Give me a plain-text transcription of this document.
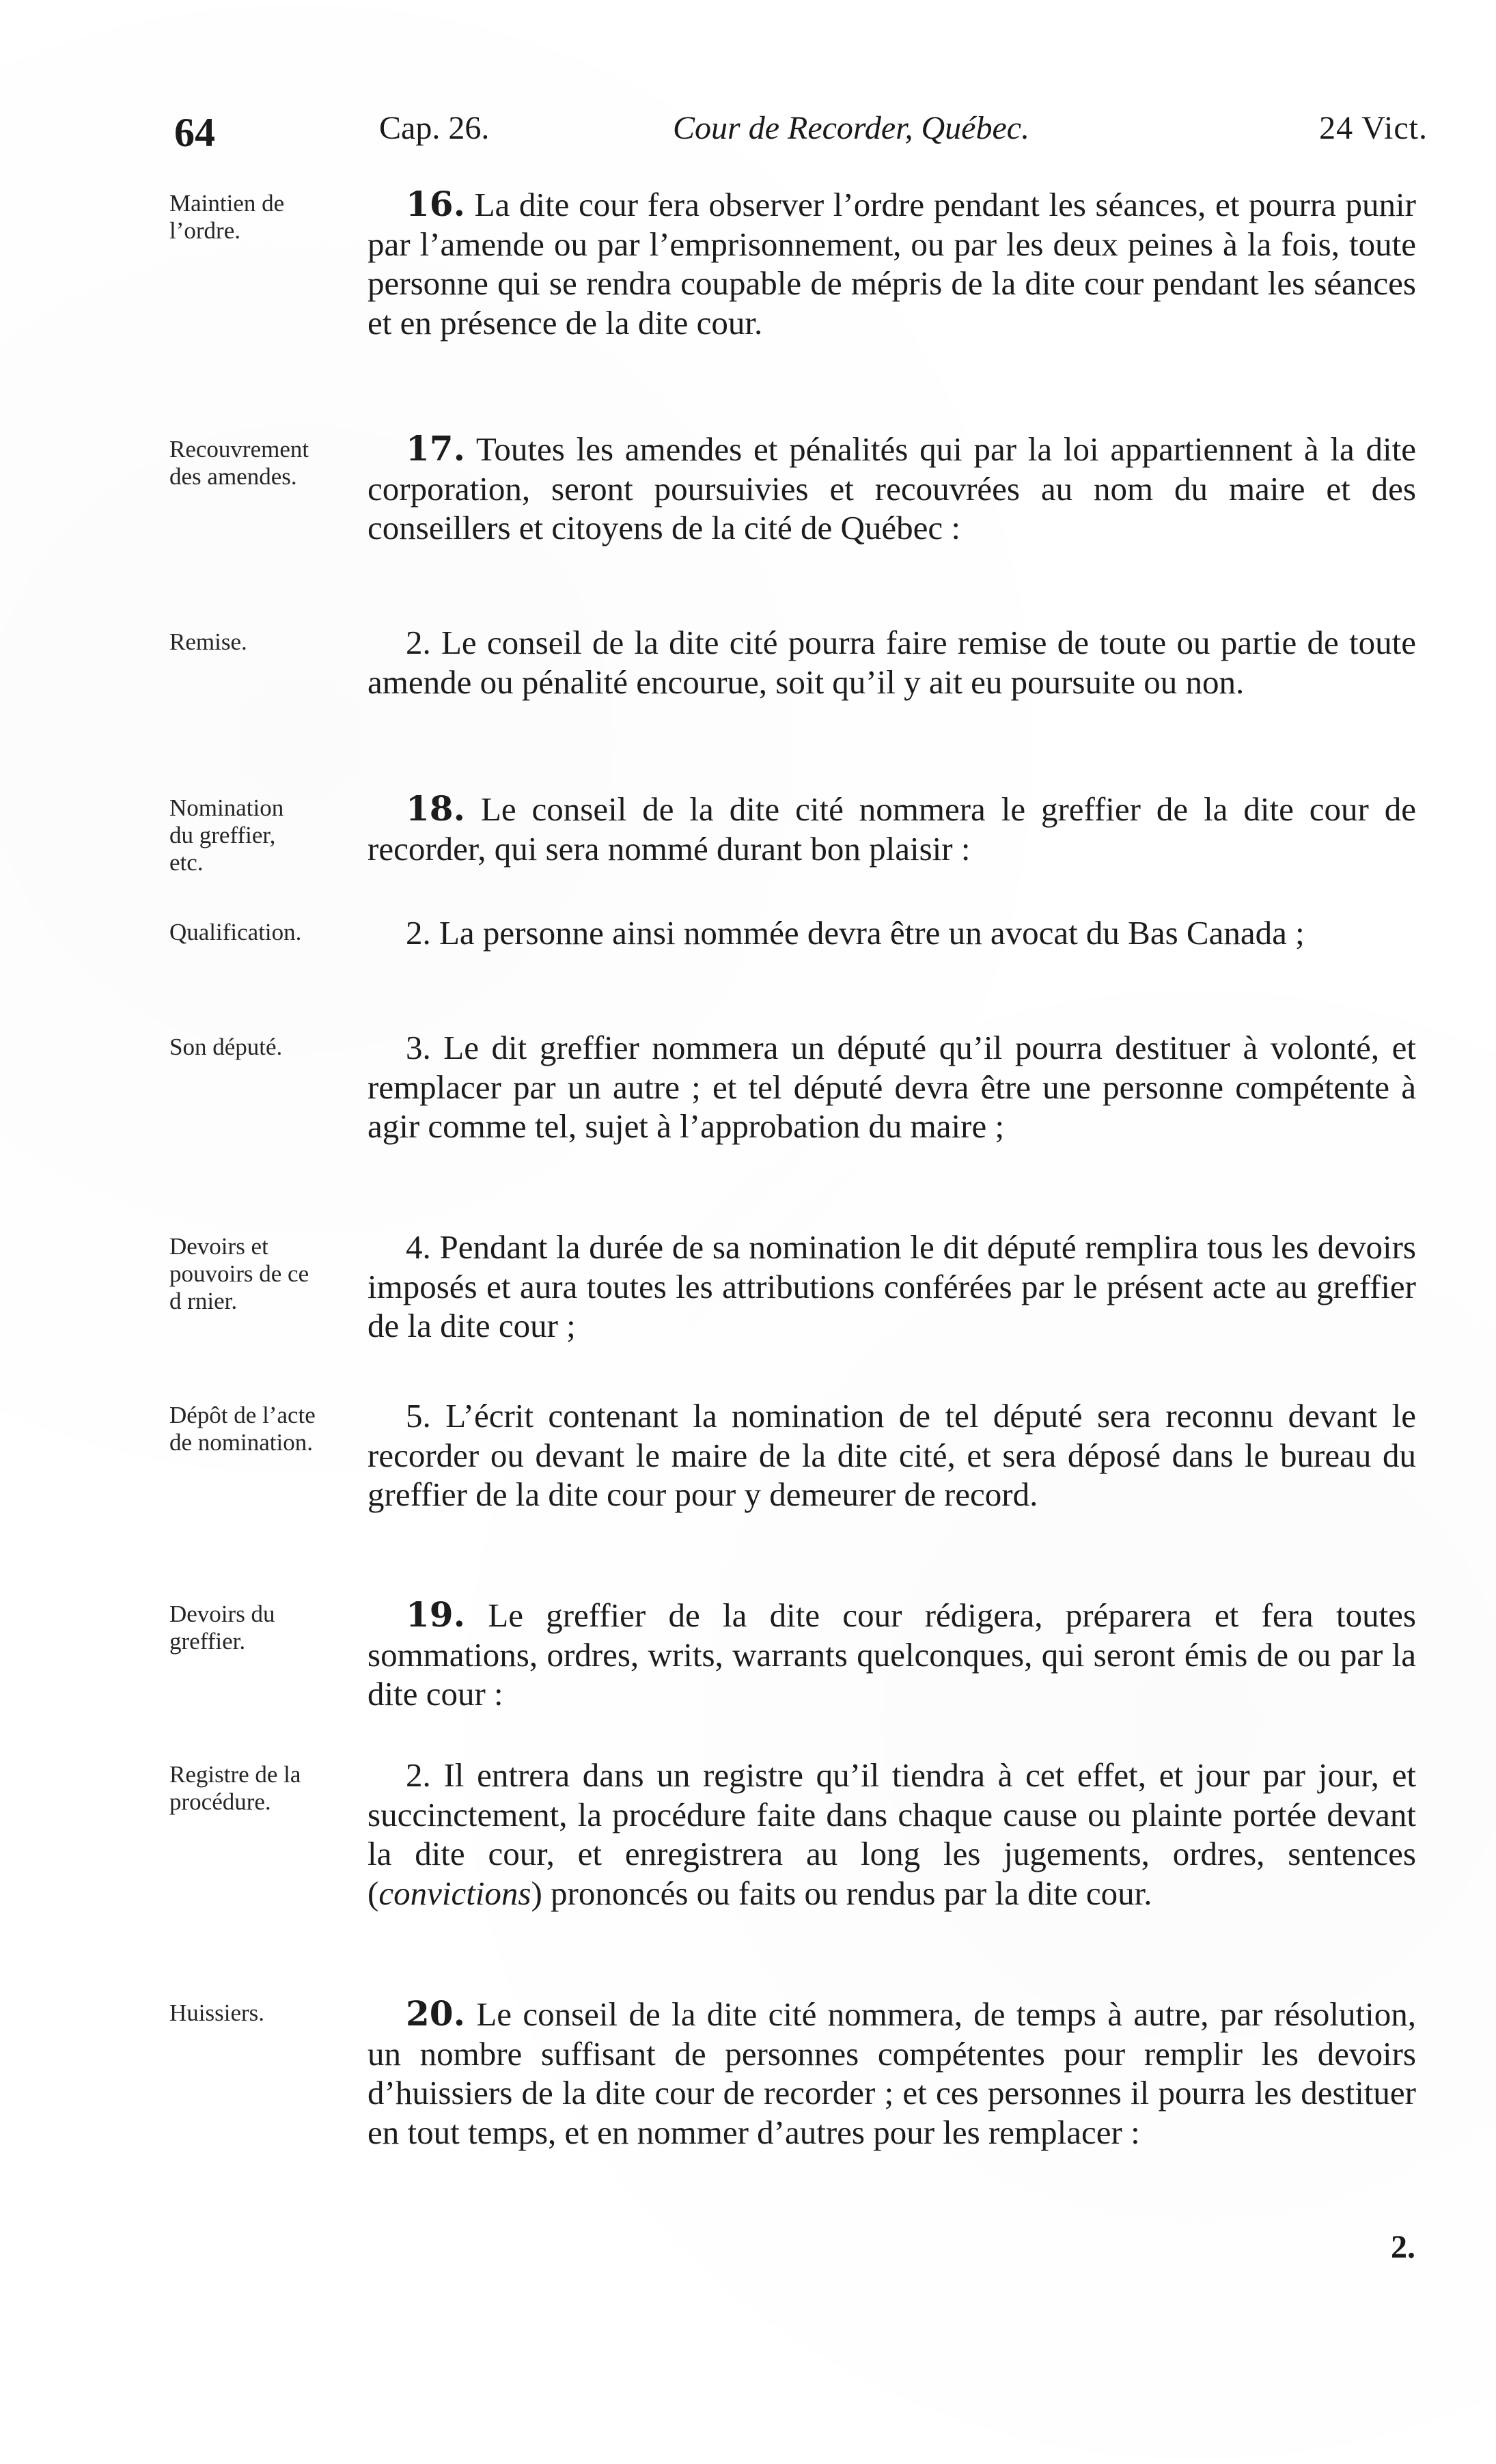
64	Cap. 26.	Cour de Recorder, Québec.	24 Vict.
Maintien de
l’ordre.

16. La dite cour fera observer l’ordre pendant les séances, et pourra punir par l’amende ou par l’emprisonnement, ou par les deux peines à la fois, toute personne qui se rendra coupable de mépris de la dite cour pendant les séances et en présence de la dite cour.

Recouvrement
des amendes.

17. Toutes les amendes et pénalités qui par la loi appartiennent à la dite corporation, seront poursuivies et recouvrées au nom du maire et des conseillers et citoyens de la cité de Québec :

Remise.	2. Le conseil de la dite cité pourra faire remise de toute ou partie de toute amende ou pénalité encourue, soit qu’il y ait eu poursuite ou non.

Nomination
du greffier,
etc.

18. Le conseil de la dite cité nommera le greffier de la dite cour de recorder, qui sera nommé durant bon plaisir :

Qualification.	2. La personne ainsi nommée devra être un avocat du Bas Canada ;

Son député.	3. Le dit greffier nommera un député qu’il pourra destituer à volonté, et remplacer par un autre ; et tel député devra être une personne compétente à agir comme tel, sujet à l’approbation du maire ;

Devoirs et
pouvoirs de ce
d rnier.

4. Pendant la durée de sa nomination le dit député remplira tous les devoirs imposés et aura toutes les attributions conférées par le présent acte au greffier de la dite cour ;

Dépôt de l’acte
de nomination.

5. L’écrit contenant la nomination de tel député sera reconnu devant le recorder ou devant le maire de la dite cité, et sera déposé dans le bureau du greffier de la dite cour pour y demeurer de record.

Devoirs du
greffier.

19. Le greffier de la dite cour rédigera, préparera et fera toutes sommations, ordres, writs, warrants quelconques, qui seront émis de ou par la dite cour :

Registre de la
procédure.

2. Il entrera dans un registre qu’il tiendra à cet effet, et jour par jour, et succinctement, la procédure faite dans chaque cause ou plainte portée devant la dite cour, et enregistrera au long les jugements, ordres, sentences (convictions) prononcés ou faits ou rendus par la dite cour.

Huissiers.	20. Le conseil de la dite cité nommera, de temps à autre, par résolution, un nombre suffisant de personnes compétentes pour remplir les devoirs d’huissiers de la dite cour de recorder ; et ces personnes il pourra les destituer en tout temps, et en nommer d’autres pour les remplacer :

2.
